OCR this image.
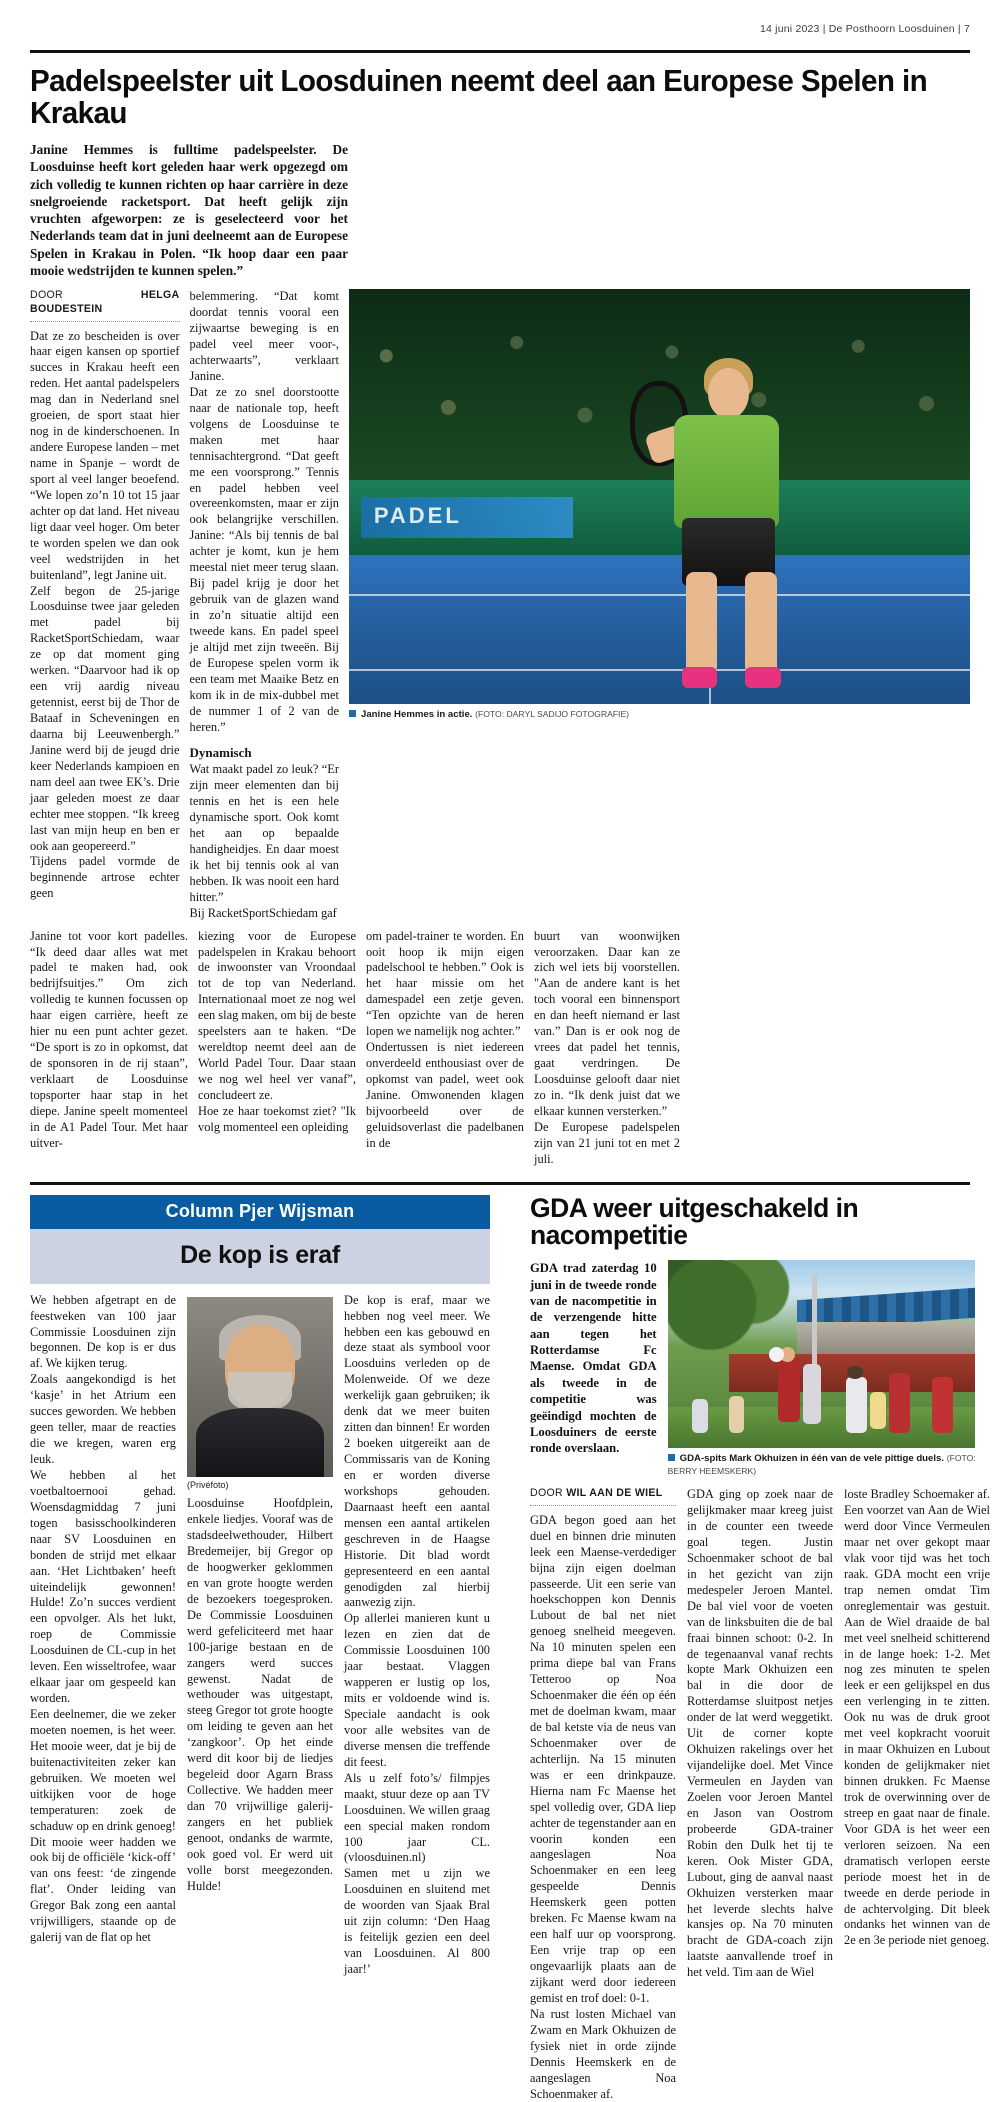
14 juni 2023 | De Posthoorn Loosduinen | 7
Padelspeelster uit Loosduinen neemt deel aan Europese Spelen in Krakau
Janine Hemmes is fulltime padelspeelster. De Loosduinse heeft kort geleden haar werk opgezegd om zich volledig te kunnen richten op haar carrière in deze snelgroeiende racketsport. Dat heeft gelijk zijn vruchten afgeworpen: ze is geselecteerd voor het Nederlands team dat in juni deelneemt aan de Europese Spelen in Krakau in Polen. “Ik hoop daar een paar mooie wedstrijden te kunnen spelen.”
DOOR	HELGA BOUDESTEIN

Dat ze zo bescheiden is over haar eigen kansen op sportief succes in Krakau heeft een reden. Het aantal padelspelers mag dan in Nederland snel groeien, de sport staat hier nog in de kinderschoenen. In andere Europese landen – met name in Spanje – wordt de sport al veel langer beoefend. “We lopen zo’n 10 tot 15 jaar achter op dat land. Het niveau ligt daar veel hoger. Om beter te worden spelen we dan ook veel wedstrijden in het buitenland”, legt Janine uit.

Zelf begon de 25-jarige Loosduinse twee jaar geleden met padel bij RacketSportSchiedam, waar ze op dat moment ging werken. “Daarvoor had ik op een vrij aardig niveau getennist, eerst bij de Thor de Bataaf in Scheveningen en daarna bij Leeuwenbergh.” Janine werd bij de jeugd drie keer Nederlands kampioen en nam deel aan twee EK’s. Drie jaar geleden moest ze daar echter mee stoppen. “Ik kreeg last van mijn heup en ben er ook aan geopereerd.”

Tijdens padel vormde de beginnende artrose echter geen

belemmering. “Dat komt doordat tennis vooral een zijwaartse beweging is en padel veel meer voor-, achterwaarts”, verklaart Janine.

Dat ze zo snel doorstootte naar de nationale top, heeft volgens de Loosduinse te maken met haar tennisachtergrond. “Dat geeft me een voorsprong.” Tennis en padel hebben veel overeenkomsten, maar er zijn ook belangrijke verschillen. Janine: “Als bij tennis de bal achter je komt, kun je hem meestal niet meer terug slaan. Bij padel krijg je door het gebruik van de glazen wand in zo’n situatie altijd een tweede kans. En padel speel je altijd met zijn tweeën. Bij de Europese spelen vorm ik een team met Maaike Betz en kom ik in de mix-dubbel met de nummer 1 of 2 van de heren.”

Dynamisch

Wat maakt padel zo leuk? “Er zijn meer elementen dan bij tennis en het is een hele dynamische sport. Ook komt het aan op bepaalde handigheidjes. En daar moest ik het bij tennis ook al van hebben. Ik was nooit een hard hitter.”

Bij RacketSportSchiedam gaf

PADEL
Janine Hemmes in actie. (FOTO: DARYL SADIJO FOTOGRAFIE)

Janine tot voor kort padelles. “Ik deed daar alles wat met padel te maken had, ook bedrijfsuitjes.” Om zich volledig te kunnen focussen op haar eigen carrière, heeft ze hier nu een punt achter gezet. “De sport is zo in opkomst, dat de sponsoren in de rij staan”, verklaart de Loosduinse topsporter haar stap in het diepe. Janine speelt momenteel in de A1 Padel Tour. Met haar uitver-

kiezing voor de Europese padelspelen in Krakau behoort de inwoonster van Vroondaal tot de top van Nederland. Internationaal moet ze nog wel een slag maken, om bij de beste speelsters aan te haken. “De wereldtop neemt deel aan de World Padel Tour. Daar staan we nog wel heel ver vanaf”, concludeert ze.

Hoe ze haar toekomst ziet? "Ik volg momenteel een opleiding

om padel-trainer te worden. En ooit hoop ik mijn eigen padelschool te hebben.” Ook is het haar missie om het damespadel een zetje geven. “Ten opzichte van de heren lopen we namelijk nog achter.”

Ondertussen is niet iedereen onverdeeld enthousiast over de opkomst van padel, weet ook Janine. Omwonenden klagen bijvoorbeeld over de geluidsoverlast die padelbanen in de

buurt van woonwijken veroorzaken. Daar kan ze zich wel iets bij voorstellen. "Aan de andere kant is het toch vooral een binnensport en dan heeft niemand er last van.” Dan is er ook nog de vrees dat padel het tennis, gaat verdringen. De Loosduinse gelooft daar niet zo in. “Ik denk juist dat we elkaar kunnen versterken.”

De Europese padelspelen zijn van 21 juni tot en met 2 juli.

Column Pjer Wijsman
De kop is eraf

We hebben afgetrapt en de feestweken van 100 jaar Commissie Loosduinen zijn begonnen. De kop is er dus af. We kijken terug.

Zoals aangekondigd is het ‘kasje’ in het Atrium een succes geworden. We hebben geen teller, maar de reacties die we kregen, waren erg leuk.

We hebben al het voetbaltoernooi gehad. Woensdagmiddag 7 juni togen basisschoolkinderen naar SV Loosduinen en bonden de strijd met elkaar aan. ‘Het Lichtbaken’ heeft uiteindelijk gewonnen! Hulde! Zo’n succes verdient een opvolger. Als het lukt, roep de Commissie Loosduinen de CL-cup in het leven. Een wisseltrofee, waar elkaar jaar om gespeeld kan worden.

Een deelnemer, die we zeker moeten noemen, is het weer. Het mooie weer, dat je bij de buitenactiviteiten zeker kan gebruiken. We moeten wel uitkijken voor de hoge temperaturen: zoek de schaduw op en drink genoeg!

Dit mooie weer hadden we ook bij de officiële ‘kick-off’ van ons feest: ‘de zingende flat’. Onder leiding van Gregor Bak zong een aantal vrijwilligers, staande op de galerij van de flat op het

(Privéfoto)

Loosduinse Hoofdplein, enkele liedjes. Vooraf was de stadsdeelwethouder, Hilbert Bredemeijer, bij Gregor op de hoogwerker geklommen en van grote hoogte werden de bezoekers toegesproken. De Commissie Loosduinen werd gefeliciteerd met haar 100-jarige bestaan en de zangers werd succes gewenst. Nadat de wethouder was uitgestapt, steeg Gregor tot grote hoogte om leiding te geven aan het ‘zangkoor’. Op het einde werd dit koor bij de liedjes begeleid door Agarn Brass Collective. We hadden meer dan 70 vrijwillige galerij-zangers en het publiek genoot, ondanks de warmte, ook goed vol. Er werd uit volle borst meegezonden. Hulde!

De kop is eraf, maar we hebben nog veel meer. We hebben een kas gebouwd en deze staat als symbool voor Loosduins verleden op de Molenweide. Of we deze werkelijk gaan gebruiken; ik denk dat we meer buiten zitten dan binnen! Er worden 2 boeken uitgereikt aan de Commissaris van de Koning en er worden diverse workshops gehouden. Daarnaast heeft een aantal mensen een aantal artikelen geschreven in de Haagse Historie. Dit blad wordt gepresenteerd en een aantal genodigden zal hierbij aanwezig zijn.

Op allerlei manieren kunt u lezen en zien dat de Commissie Loosduinen 100 jaar bestaat. Vlaggen wapperen er lustig op los, mits er voldoende wind is. Speciale aandacht is ook voor alle websites van de diverse mensen die treffende dit feest.

Als u zelf foto’s/ filmpjes maakt, stuur deze op aan TV Loosduinen. We willen graag een special maken rondom 100 jaar CL. (vloosduinen.nl)

Samen met u zijn we Loosduinen en sluitend met de woorden van Sjaak Bral uit zijn column: ‘Den Haag is feitelijk gezien een deel van Loosduinen. Al 800 jaar!’

GDA weer uitgeschakeld in nacompetitie
GDA trad zaterdag 10 juni in de tweede ronde van de nacompetitie in de verzengende hitte aan tegen het Rotterdamse Fc Maense. Omdat GDA als tweede in de competitie was geëindigd mochten de Loosduiners de eerste ronde overslaan.
GDA-spits Mark Okhuizen in één van de vele pittige duels. (FOTO: BERRY HEEMSKERK)
DOOR WIL AAN DE WIEL

GDA begon goed aan het duel en binnen drie minuten leek een Maense-verdediger bijna zijn eigen doelman passeerde. Uit een serie van hoekschoppen kon Dennis Lubout de bal net niet genoeg snelheid meegeven. Na 10 minuten spelen een prima diepe bal van Frans Tetteroo op Noa Schoenmaker die één op één met de doelman kwam, maar de bal ketste via de neus van Schoenmaker over de achterlijn. Na 15 minuten was er een drinkpauze. Hierna nam Fc Maense het spel volledig over, GDA liep achter de tegenstander aan en voorin konden een aangeslagen Noa Schoenmaker en een leeg gespeelde Dennis Heemskerk geen potten breken. Fc Maense kwam na een half uur op voorsprong. Een vrije trap op een ongevaarlijk plaats aan de zijkant werd door iedereen gemist en trof doel: 0-1.

Na rust losten Michael van Zwam en Mark Okhuizen de fysiek niet in orde zijnde Dennis Heemskerk en de aangeslagen Noa Schoenmaker af.

GDA ging op zoek naar de gelijkmaker maar kreeg juist in de counter een tweede goal tegen. Justin Schoenmaker schoot de bal in het gezicht van zijn medespeler Jeroen Mantel. De bal viel voor de voeten van de linksbuiten die de bal fraai binnen schoot: 0-2. In de tegenaanval vanaf rechts kopte Mark Okhuizen een bal in die door de Rotterdamse sluitpost netjes onder de lat werd weggetikt. Uit de corner kopte Okhuizen rakelings over het vijandelijke doel. Met Vince Vermeulen en Jayden van Zoelen voor Jeroen Mantel en Jason van Oostrom probeerde GDA-trainer Robin den Dulk het tij te keren. Ook Mister GDA, Lubout, ging de aanval naast Okhuizen versterken maar het leverde slechts halve kansjes op. Na 70 minuten bracht de GDA-coach zijn laatste aanvallende troef in het veld. Tim aan de Wiel

loste Bradley Schoemaker af. Een voorzet van Aan de Wiel werd door Vince Vermeulen maar net over gekopt maar vlak voor tijd was het toch raak. GDA mocht een vrije trap nemen omdat Tim onreglementair was gestuit. Aan de Wiel draaide de bal met veel snelheid schitterend in de lange hoek: 1-2. Met nog zes minuten te spelen leek er een gelijkspel en dus een verlenging in te zitten. Ook nu was de druk groot met veel kopkracht vooruit in maar Okhuizen en Lubout konden de gelijkmaker niet binnen drukken. Fc Maense trok de overwinning over de streep en gaat naar de finale. Voor GDA is het weer een verloren seizoen. Na een dramatisch verlopen eerste periode moest het in de tweede en derde periode in de achtervolging. Dit bleek ondanks het winnen van de 2e en 3e periode niet genoeg.
